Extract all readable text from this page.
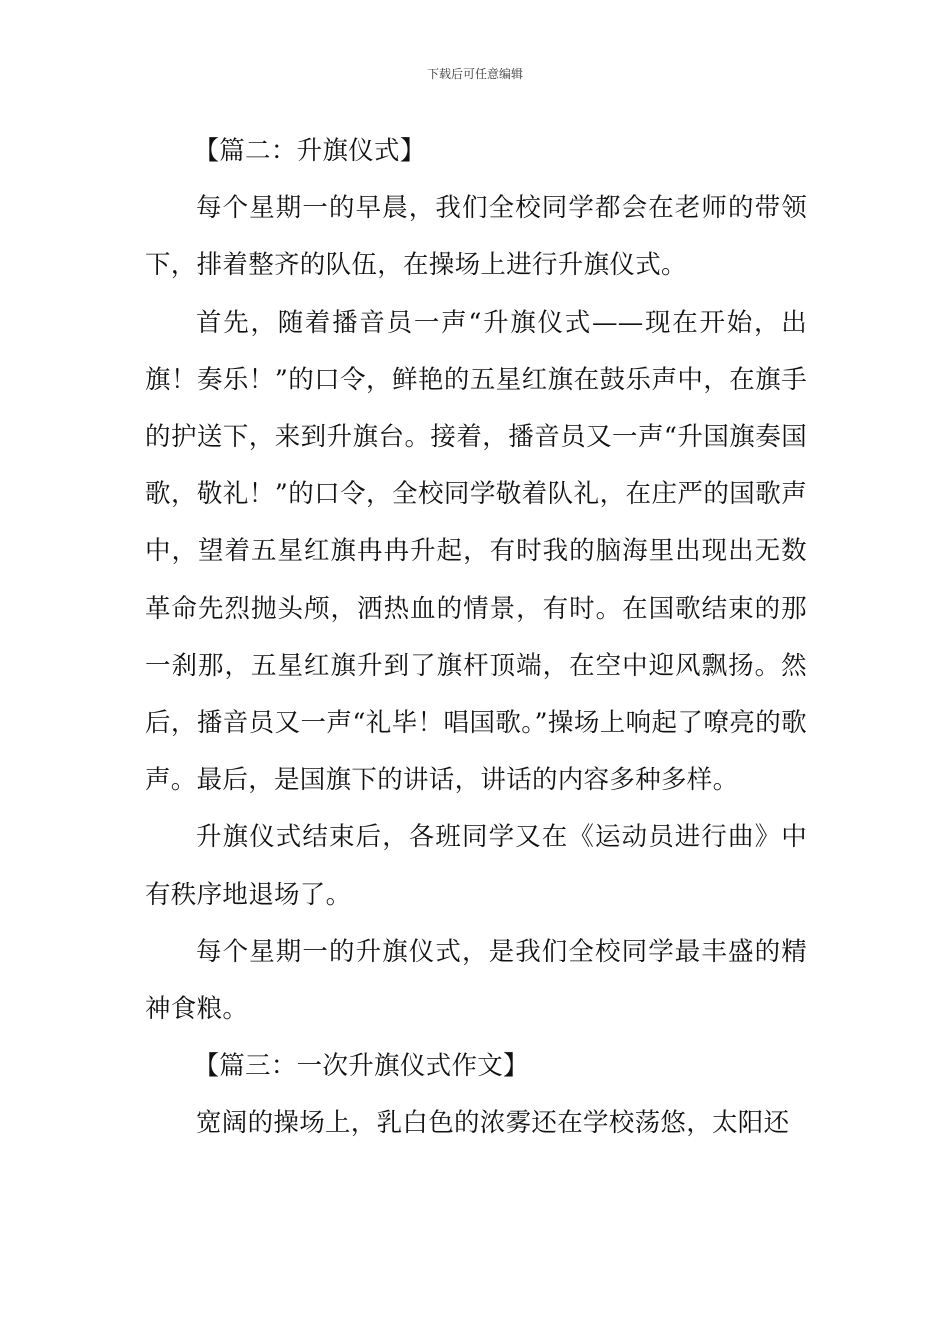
下载后可任意编辑

【篇二：升旗仪式】

每个星期一的早晨，我们全校同学都会在老师的带领下，排着整齐的队伍，在操场上进行升旗仪式。

首先，随着播音员一声“升旗仪式——现在开始，出旗！奏乐！”的口令，鲜艳的五星红旗在鼓乐声中，在旗手的护送下，来到升旗台。接着，播音员又一声“升国旗奏国歌，敬礼！”的口令，全校同学敬着队礼，在庄严的国歌声中，望着五星红旗冉冉升起，有时我的脑海里出现出无数革命先烈抛头颅，洒热血的情景，有时。在国歌结束的那一刹那，五星红旗升到了旗杆顶端，在空中迎风飘扬。然后，播音员又一声“礼毕！唱国歌。”操场上响起了嘹亮的歌声。最后，是国旗下的讲话，讲话的内容多种多样。

升旗仪式结束后，各班同学又在《运动员进行曲》中有秩序地退场了。

每个星期一的升旗仪式，是我们全校同学最丰盛的精神食粮。

【篇三：一次升旗仪式作文】

宽阔的操场上，乳白色的浓雾还在学校荡悠，太阳还
